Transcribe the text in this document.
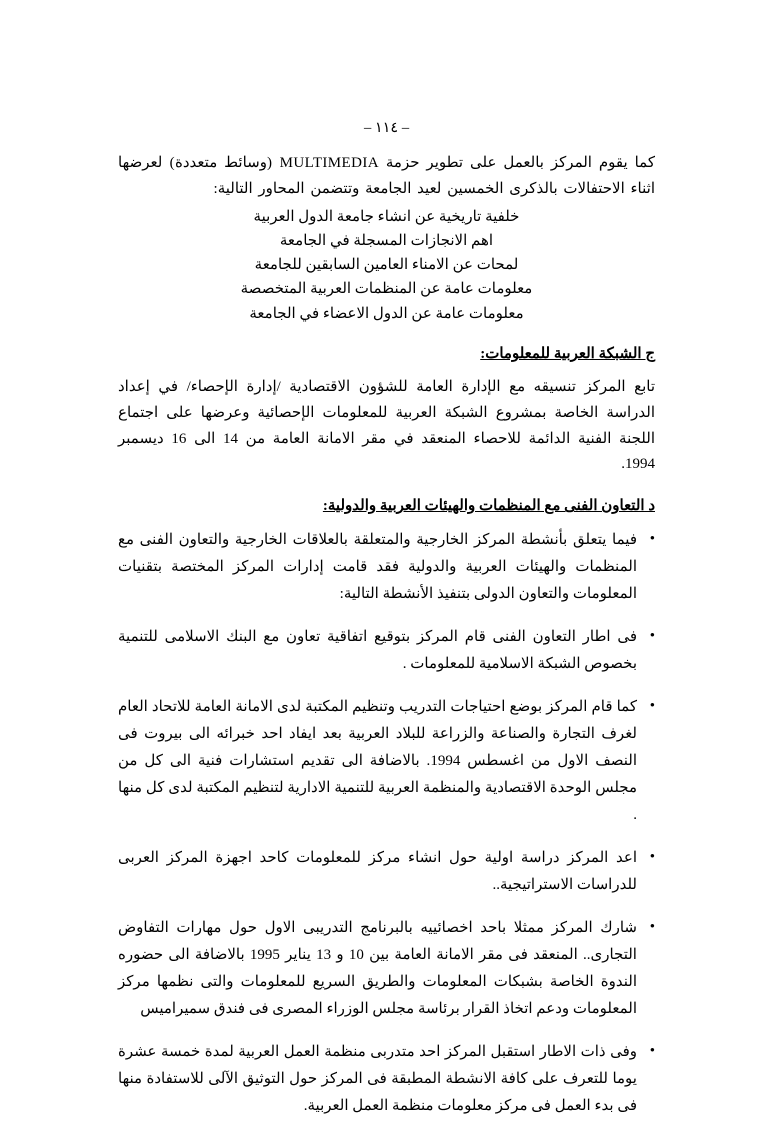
– ١١٤ –

كما يقوم المركز بالعمل على تطوير حزمة MULTIMEDIA (وسائط متعددة) لعرضها اثناء الاحتفالات بالذكرى الخمسين لعيد الجامعة وتتضمن المحاور التالية:

خلفية تاريخية عن انشاء جامعة الدول العربية
اهم الانجازات المسجلة في الجامعة
لمحات عن الامناء العامين السابقين للجامعة
معلومات عامة عن المنظمات العربية المتخصصة
معلومات عامة عن الدول الاعضاء في الجامعة
ج الشبكة العربية للمعلومات:

تابع المركز تنسيقه مع الإدارة العامة للشؤون الاقتصادية /إدارة الإحصاء/ في إعداد الدراسة الخاصة بمشروع الشبكة العربية للمعلومات الإحصائية وعرضها على اجتماع اللجنة الفنية الدائمة للاحصاء المنعقد في مقر الامانة العامة من 14 الى 16 ديسمبر 1994.

د التعاون الفنى مع المنظمات والهيئات العربية والدولية:
• فيما يتعلق بأنشطة المركز الخارجية والمتعلقة بالعلاقات الخارجية والتعاون الفنى مع المنظمات والهيئات العربية والدولية فقد قامت إدارات المركز المختصة بتقنيات المعلومات والتعاون الدولى بتنفيذ الأنشطة التالية:
• فى اطار التعاون الفنى قام المركز بتوقيع اتفاقية تعاون مع البنك الاسلامى للتنمية بخصوص الشبكة الاسلامية للمعلومات .
• كما قام المركز بوضع احتياجات التدريب وتنظيم المكتبة لدى الامانة العامة للاتحاد العام لغرف التجارة والصناعة والزراعة للبلاد العربية بعد ايفاد احد خبرائه الى بيروت فى النصف الاول من اغسطس 1994. بالاضافة الى تقديم استشارات فنية الى كل من مجلس الوحدة الاقتصادية والمنظمة العربية للتنمية الادارية لتنظيم المكتبة لدى كل منها .
• اعد المركز دراسة اولية حول انشاء مركز للمعلومات كاحد اجهزة المركز العربى للدراسات الاستراتيجية..
• شارك المركز ممثلا باحد اخصائييه بالبرنامج التدريبى الاول حول مهارات التفاوض التجارى.. المنعقد فى مقر الامانة العامة بين 10 و 13 يناير 1995 بالاضافة الى حضوره الندوة الخاصة بشبكات المعلومات والطريق السريع للمعلومات والتى نظمها مركز المعلومات ودعم اتخاذ القرار برئاسة مجلس الوزراء المصرى فى فندق سميراميس
• وفى ذات الاطار استقبل المركز احد متدربى منظمة العمل العربية لمدة خمسة عشرة يوما للتعرف على كافة الانشطة المطبقة فى المركز حول التوثيق الآلى للاستفادة منها فى بدء العمل فى مركز معلومات منظمة العمل العربية.
